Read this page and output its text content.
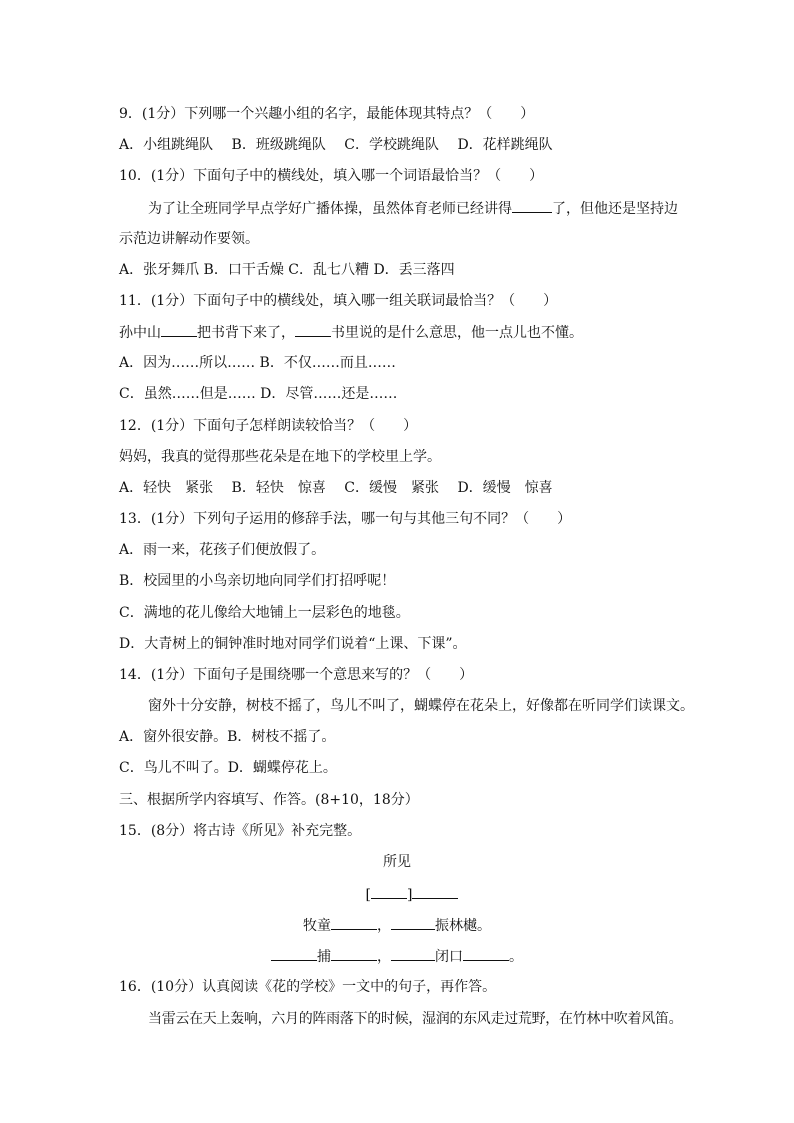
9．(1分）下列哪一个兴趣小组的名字，最能体现其特点？（　　）
A．小组跳绳队　 B．班级跳绳队　 C．学校跳绳队　 D．花样跳绳队
10．(1分）下面句子中的横线处，填入哪一个词语最恰当？（　　）
为了让全班同学早点学好广播体操，虽然体育老师已经讲得	了，但他还是坚持边
示范边讲解动作要领。
A．张牙舞爪 B．口干舌燥 C．乱七八糟 D．丢三落四
11．(1分）下面句子中的横线处，填入哪一组关联词最恰当？（　　）
孙中山	把书背下来了，	书里说的是什么意思，他一点儿也不懂。
A．因为……所以…… B．不仅……而且……
C．虽然……但是…… D．尽管……还是……
12．(1分）下面句子怎样朗读较恰当？（　　）
妈妈，我真的觉得那些花朵是在地下的学校里上学。
A．轻快　紧张　 B．轻快　惊喜　 C．缓慢　紧张　 D．缓慢　惊喜
13．(1分）下列句子运用的修辞手法，哪一句与其他三句不同？（　　）
A．雨一来，花孩子们便放假了。
B．校园里的小鸟亲切地向同学们打招呼呢！
C．满地的花儿像给大地铺上一层彩色的地毯。
D．大青树上的铜钟准时地对同学们说着“上课、下课”。
14．(1分）下面句子是围绕哪一个意思来写的？（　　）
窗外十分安静，树枝不摇了，鸟儿不叫了，蝴蝶停在花朵上，好像都在听同学们读课文。
A．窗外很安静。B．树枝不摇了。
C．鸟儿不叫了。D．蝴蝶停花上。
三、根据所学内容填写、作答。(8+10，18分）
15．(8分）将古诗《所见》补充完整。
所见
[	]
牧童	，	振林樾。
捕	，	闭口	。
16．(10分）认真阅读《花的学校》一文中的句子，再作答。
当雷云在天上轰响，六月的阵雨落下的时候，湿润的东风走过荒野，在竹林中吹着风笛。
